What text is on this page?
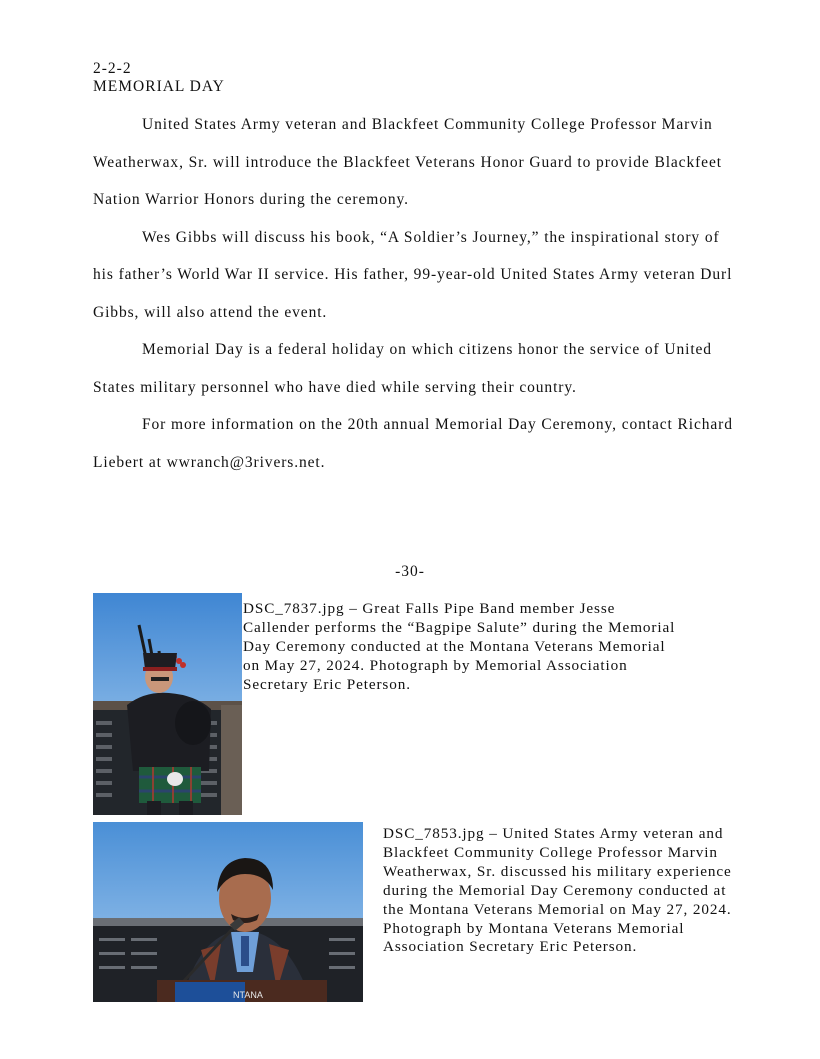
2-2-2

MEMORIAL DAY

United States Army veteran and Blackfeet Community College Professor Marvin Weatherwax, Sr. will introduce the Blackfeet Veterans Honor Guard to provide Blackfeet Nation Warrior Honors during the ceremony.

Wes Gibbs will discuss his book, “A Soldier’s Journey,” the inspirational story of his father’s World War II service. His father, 99-year-old United States Army veteran Durl Gibbs, will also attend the event.

Memorial Day is a federal holiday on which citizens honor the service of United States military personnel who have died while serving their country.

For more information on the 20th annual Memorial Day Ceremony, contact Richard Liebert at wwranch@3rivers.net.

-30-

DSC_7837.jpg – Great Falls Pipe Band member Jesse Callender performs the “Bagpipe Salute” during the Memorial Day Ceremony conducted at the Montana Veterans Memorial on May 27, 2024. Photograph by Memorial Association Secretary Eric Peterson.

NTANA

DSC_7853.jpg – United States Army veteran and Blackfeet Community College Professor Marvin Weatherwax, Sr. discussed his military experience during the Memorial Day Ceremony conducted at the Montana Veterans Memorial on May 27, 2024. Photograph by Montana Veterans Memorial Association Secretary Eric Peterson.
